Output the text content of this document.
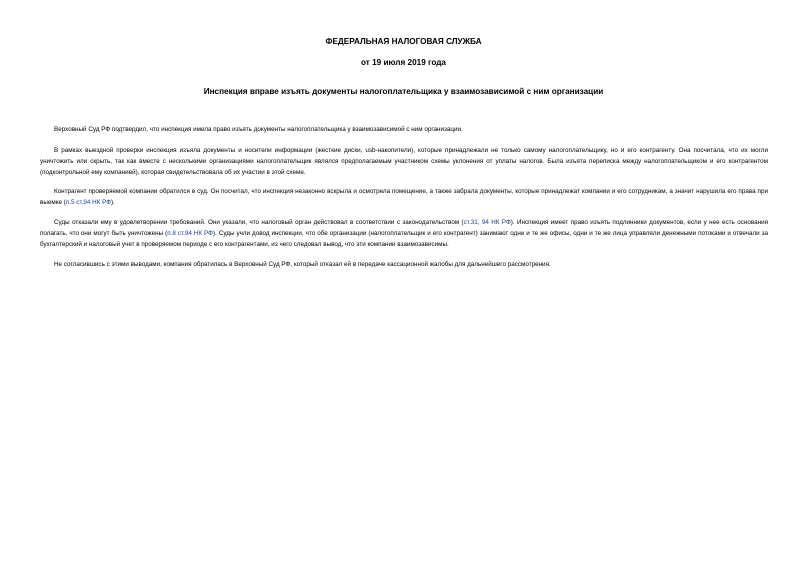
ФЕДЕРАЛЬНАЯ НАЛОГОВАЯ СЛУЖБА
от 19 июля 2019 года
Инспекция вправе изъять документы налогоплательщика у взаимозависимой с ним организации

Верховный Суд РФ подтвердил, что инспекция имела право изъять документы налогоплательщика у взаимозависимой с ним организации.

В рамках выездной проверки инспекция изъяла документы и носители информации (жесткие диски, usb-накопители), которые принадлежали не только самому налогоплательщику, но и его контрагенту. Она посчитала, что их могли уничтожить или скрыть, так как вместе с несколькими организациями налогоплательщик являлся предполагаемым участником схемы уклонения от уплаты налогов. Была изъята переписка между налогоплательщиком и его контрагентом (подконтрольной ему компанией), которая свидетельствовала об их участии в этой схеме.

Контрагент проверяемой компании обратился в суд. Он посчитал, что инспекция незаконно вскрыла и осмотрела помещение, а также забрала документы, которые принадлежат компании и его сотрудникам, а значит нарушила его права при выемке (п.5 ст.94 НК РФ).

Суды отказали ему в удовлетворении требований. Они указали, что налоговый орган действовал в соответствии с законодательством (ст.31, 94 НК РФ). Инспекция имеет право изъять подлинники документов, если у нее есть основания полагать, что они могут быть уничтожены (п.8 ст.94 НК РФ). Суды учли довод инспекции, что обе организации (налогоплательщик и его контрагент) занимают одни и те же офисы, одни и те же лица управляли денежными потоками и отвечали за бухгалтерский и налоговый учет в проверяемом периоде с его контрагентами, из чего следовал вывод, что эти компании взаимозависимы.

Не согласившись с этими выводами, компания обратилась в Верховный Суд РФ, который отказал ей в передаче кассационной жалобы для дальнейшего рассмотрения.
